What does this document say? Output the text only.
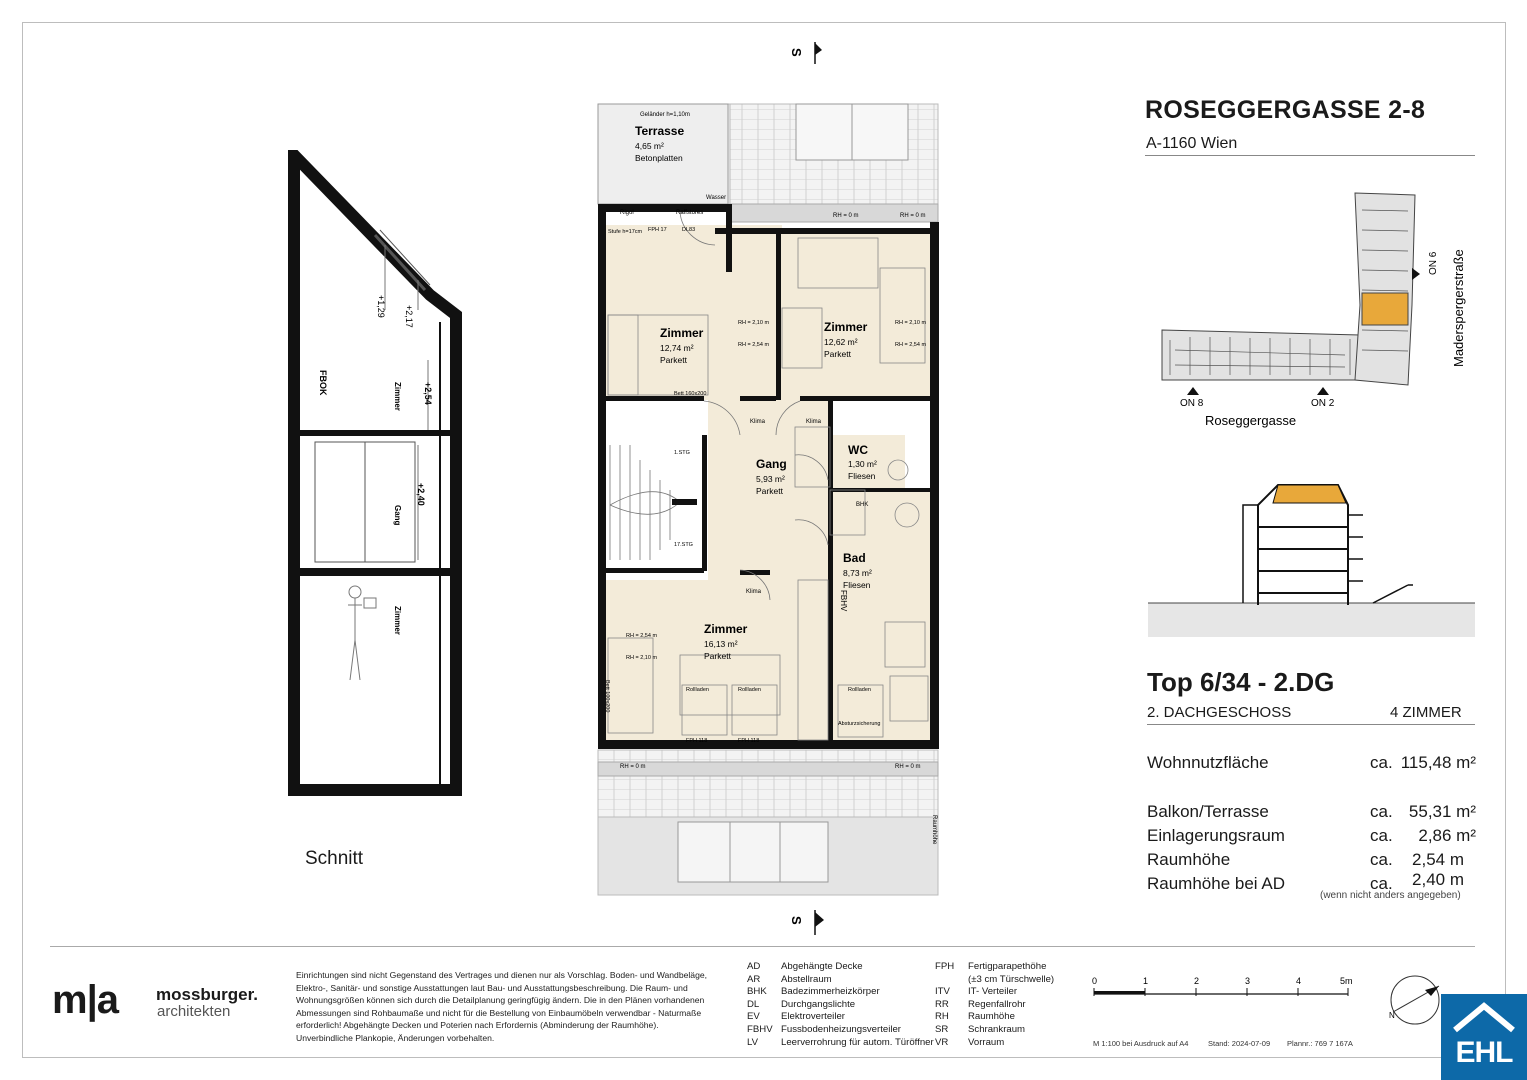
+1,29 +2,17
FBOK	Zimmer +2,54
+2,40
Gang
Zimmer
Schnitt
S
S
Geländer h=1,10m
Terrasse
4,65 m²
Betonplatten
Wasser
Rigol	Raffstores
Stufe h=17cm FPH 17	DL83
RH = 0 m	RH = 0 m
Zimmer
12,74 m²
Parkett
Bett 160x200
RH = 2,10 m
RH = 2,54 m
Zimmer
12,62 m²
Parkett
RH = 2,10 m
RH = 2,54 m
Klima	Klima
Gang
5,93 m²
Parkett
1.STG
17.STG
WC
1,30 m²
Fliesen
BHK
Bad
8,73 m²
Fliesen
FBHV
Zimmer
16,13 m²
Parkett
RH = 2,54 m
RH = 2,10 m
Bett 100x200
Klima
Rollladen	Rollladen	Rollladen
FPH 118	FPH 118
Absturzsicherung
RH = 0 m	RH = 0 m
Raumhöhe
ROSEGGERGASSE 2-8
A-1160 Wien
ON 8	ON 2
ON 6
Roseggergasse
Maderspergerstraße
Top 6/34 - 2.DG
2. DACHGESCHOSS	4 ZIMMER
Wohnnutzfläche	ca. 115,48 m²
Balkon/Terrasse	ca. 55,31 m²
Einlagerungsraum	ca.	2,86 m²
Raumhöhe	ca.	2,54 m
Raumhöhe bei AD	ca.	2,40 m
(wenn nicht anders angegeben)
m|a mossburger.
architekten
Einrichtungen sind nicht Gegenstand des Vertrages und dienen nur als Vorschlag. Boden- und Wandbeläge, Elektro-, Sanitär- und sonstige Ausstattungen laut Bau- und Ausstattungsbeschreibung. Die Raum- und Wohnungsgrößen können sich durch die Detailplanung geringfügig ändern. Die in den Plänen vorhandenen Abmessungen sind Rohbaumaße und nicht für die Bestellung von Einbaumöbeln verwendbar - Naturmaße erforderlich! Abgehängte Decken und Poterien nach Erfordernis (Abminderung der Raumhöhe). Unverbindliche Plankopie, Änderungen vorbehalten.
AD Abgehängte Decke
AR Abstellraum
BHK Badezimmerheizkörper
DL Durchgangslichte
EV Elektroverteiler
FBHV Fussbodenheizungsverteiler
LV Leerverrohrung für autom. Türöffner
FPH Fertigparapethöhe
(±3 cm Türschwelle)
ITV IT- Verteiler
RR Regenfallrohr
RH Raumhöhe
SR Schrankraum
VR Vorraum
0	1	2	3	4	5m
M 1:100 bei Ausdruck auf A4	Stand: 2024-07-09 Plannr.: 769 7 167A
N
EHL
